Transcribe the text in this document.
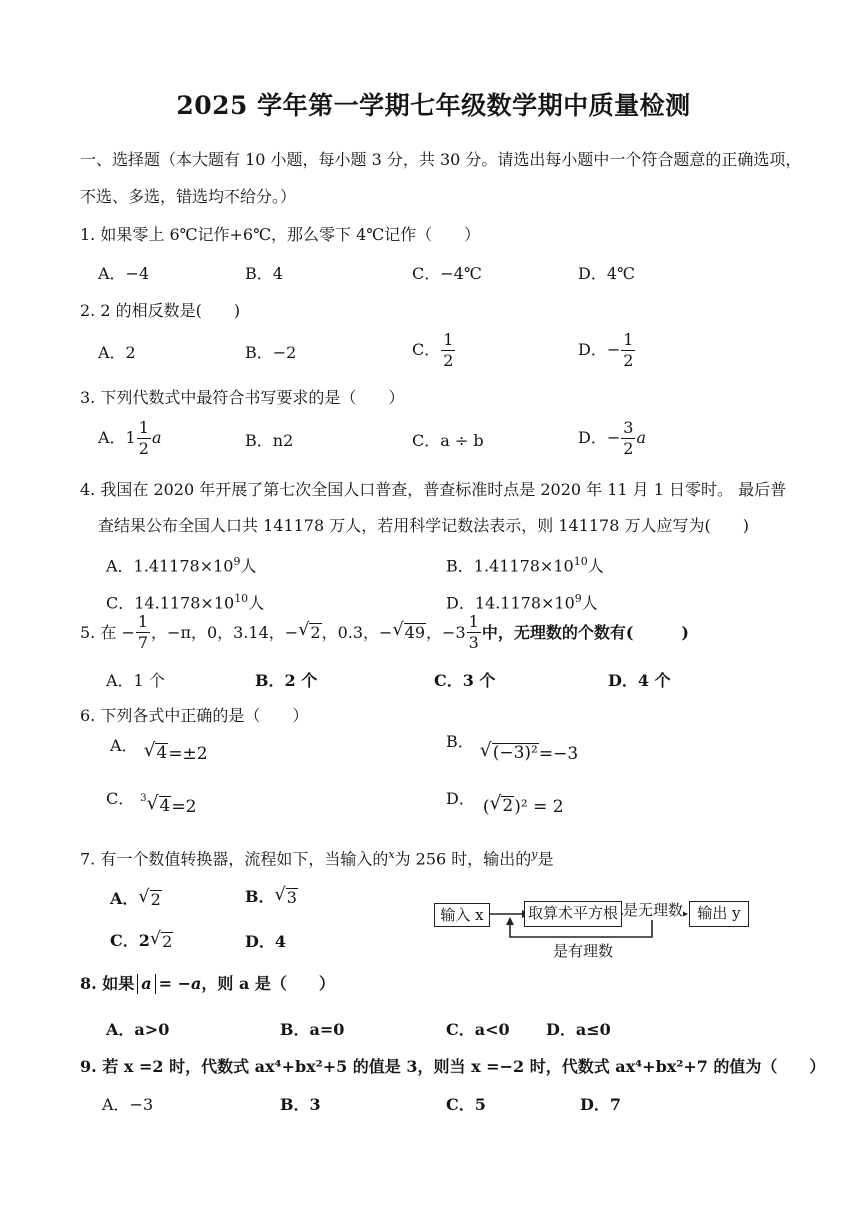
2025 学年第一学期七年级数学期中质量检测
一、选择题（本大题有 10 小题，每小题 3 分，共 30 分。请选出每小题中一个符合题意的正确选项，
不选、多选，错选均不给分。）
1. 如果零上 6℃记作+6℃，那么零下 4℃记作（　　）
A．−4	B．4	C．−4℃	D．4℃
2. 2 的相反数是(　　)
A．2	B．−2	C． $\frac{1}{2}$	D．− $\frac{1}{2}$
3. 下列代数式中最符合书写要求的是（　　）
A．$1 \frac{1}{2}$ a	B．n2	C．a ÷ b	D．− $\frac{3}{2}$ a
4. 我国在 2020 年开展了第七次全国人口普查，普查标准时点是 2020 年 11 月 1 日零时。 最后普
查结果公布全国人口共 141178 万人，若用科学记数法表示，则 141178 万人应写为(　　)
A．$1.41178\times 10^9$人	B．$1.41178\times 10^{10}$人
C．$14.1178\times 10^{10}$人	D．$14.1178\times 10^9$人
5. 在 − $\frac{1}{7}$ ，−π，0，3.14，− √ 2 ，0.3，− √ 49 ，$-3 \frac{1}{3}$ 中，无理数的个数有(　　　)
A．1 个	B．2 个	C．3 个	D．4 个
6. 下列各式中正确的是（　　）
A． √ 4 =±2
B． √ (−3)² =−3
C． $^3$ √ 4 =2	D． ( √ 2 )² = 2
7. 有一个数值转换器，流程如下，当输入的$^x$为 256 时，输出的$^y$是
A． √ 2	B． √ 3
C．2 √ 2	D．4
输入 x	取算术平方根 是无理数 输出 y
是有理数
8. 如果 a = −a ，则 a 是（　　）
A．a>0	B．a=0	C．a<0 D．a≤0
9. 若 x =2 时，代数式 ax⁴+bx²+5 的值是 3，则当 x =−2 时，代数式 ax⁴+bx²+7 的值为（　　）
A．−3	B．3	C．5	D．7
